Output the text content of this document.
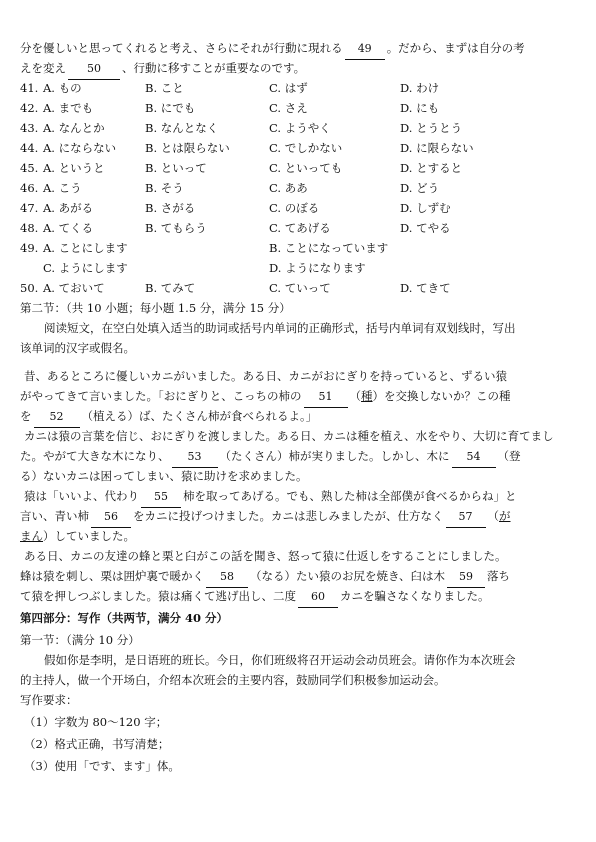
分を優しいと思ってくれると考え、さらにそれが行動に現れる 49 。だから、まずは自分の考
えを変え 50 、行動に移すことが重要なのです。
41. A. もの	B. こと	C. はず	D. わけ
42. A. までも	B. にでも	C. さえ	D. にも
43. A. なんとか	B. なんとなく	C. ようやく	D. とうとう
44. A. にならない	B. とは限らない	C. でしかない	D. に限らない
45. A. というと	B. といって	C. といっても	D. とすると
46. A. こう	B. そう	C. ああ	D. どう
47. A. あがる	B. さがる	C. のぼる	D. しずむ
48. A. てくる	B. てもらう	C. てあげる	D. てやる
49. A. ことにします	B. ことになっています
C. ようにします	D. ようになります
50. A. ておいて	B. てみて	C. ていって	D. てきて
第二节：（共 10 小题；每小题 1.5 分，满分 15 分）
阅读短文，在空白处填入适当的助词或括号内单词的正确形式，括号内单词有双划线时，写出
该单词的汉字或假名。
昔、あるところに優しいカニがいました。ある日、カニがおにぎりを持っていると、ずるい猿
がやってきて言いました。「おにぎりと、こっちの柿の 51 （種）を交換しないか？この種
を 52 （植える）ば、たくさん柿が食べられるよ。」
カニは猿の言葉を信じ、おにぎりを渡しました。ある日、カニは種を植え、水をやり、大切に育てまし
た。やがて大きな木になり、 53 （たくさん）柿が実りました。しかし、木に 54 （登
る）ないカニは困ってしまい、猿に助けを求めました。
猿は「いいよ、代わり 55 柿を取ってあげる。でも、熟した柿は全部僕が食べるからね」と
言い、青い柿 56 をカニに投げつけました。カニは悲しみましたが、仕方なく 57 （が
まん）していました。
ある日、カニの友達の蜂と栗と臼がこの話を聞き、怒って猿に仕返しをすることにしました。
蜂は猿を刺し、栗は囲炉裏で暖かく 58 （なる）たい猿のお尻を焼き、臼は木 59 落ち
て猿を押しつぶしました。猿は痛くて逃げ出し、二度 60 カニを騙さなくなりました。
第四部分：写作（共两节，满分 40 分）
第一节：（满分 10 分）
假如你是李明，是日语班的班长。今日，你们班级将召开运动会动员班会。请你作为本次班会
的主持人，做一个开场白，介绍本次班会的主要内容，鼓励同学们积极参加运动会。
写作要求：
（1）字数为 80～120 字；
（2）格式正确，书写清楚；
（3）使用「です、ます」体。
